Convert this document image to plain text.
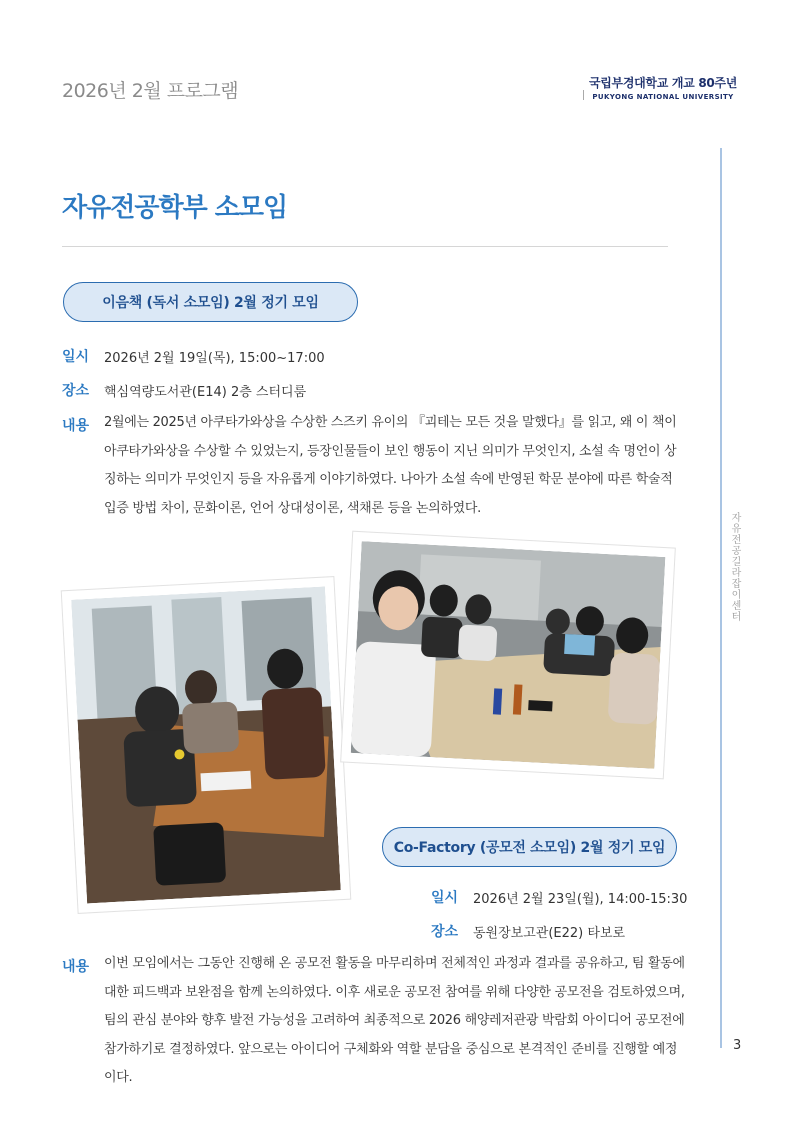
2026년 2월 프로그램	국립부경대학교 개교 80주년
PUKYONG NATIONAL UNIVERSITY
자유전공길라잡이센터
3
자유전공학부 소모임
이음책 (독서 소모임) 2월 정기 모임
일시 2026년 2월 19일(목), 15:00~17:00
장소 핵심역량도서관(E14) 2층 스터디룸
내용 2월에는 2025년 아쿠타가와상을 수상한 스즈키 유이의 『괴테는 모든 것을 말했다』를 읽고, 왜 이 책이
아쿠타가와상을 수상할 수 있었는지, 등장인물들이 보인 행동이 지닌 의미가 무엇인지, 소설 속 명언이 상
징하는 의미가 무엇인지 등을 자유롭게 이야기하였다. 나아가 소설 속에 반영된 학문 분야에 따른 학술적
입증 방법 차이, 문화이론, 언어 상대성이론, 색채론 등을 논의하였다.
Co-Factory (공모전 소모임) 2월 정기 모임
일시 2026년 2월 23일(월), 14:00-15:30
장소 동원장보고관(E22) 타보로
내용 이번 모임에서는 그동안 진행해 온 공모전 활동을 마무리하며 전체적인 과정과 결과를 공유하고, 팀 활동에
대한 피드백과 보완점을 함께 논의하였다. 이후 새로운 공모전 참여를 위해 다양한 공모전을 검토하였으며,
팀의 관심 분야와 향후 발전 가능성을 고려하여 최종적으로 2026 해양레저관광 박람회 아이디어 공모전에
참가하기로 결정하였다. 앞으로는 아이디어 구체화와 역할 분담을 중심으로 본격적인 준비를 진행할 예정
이다.
